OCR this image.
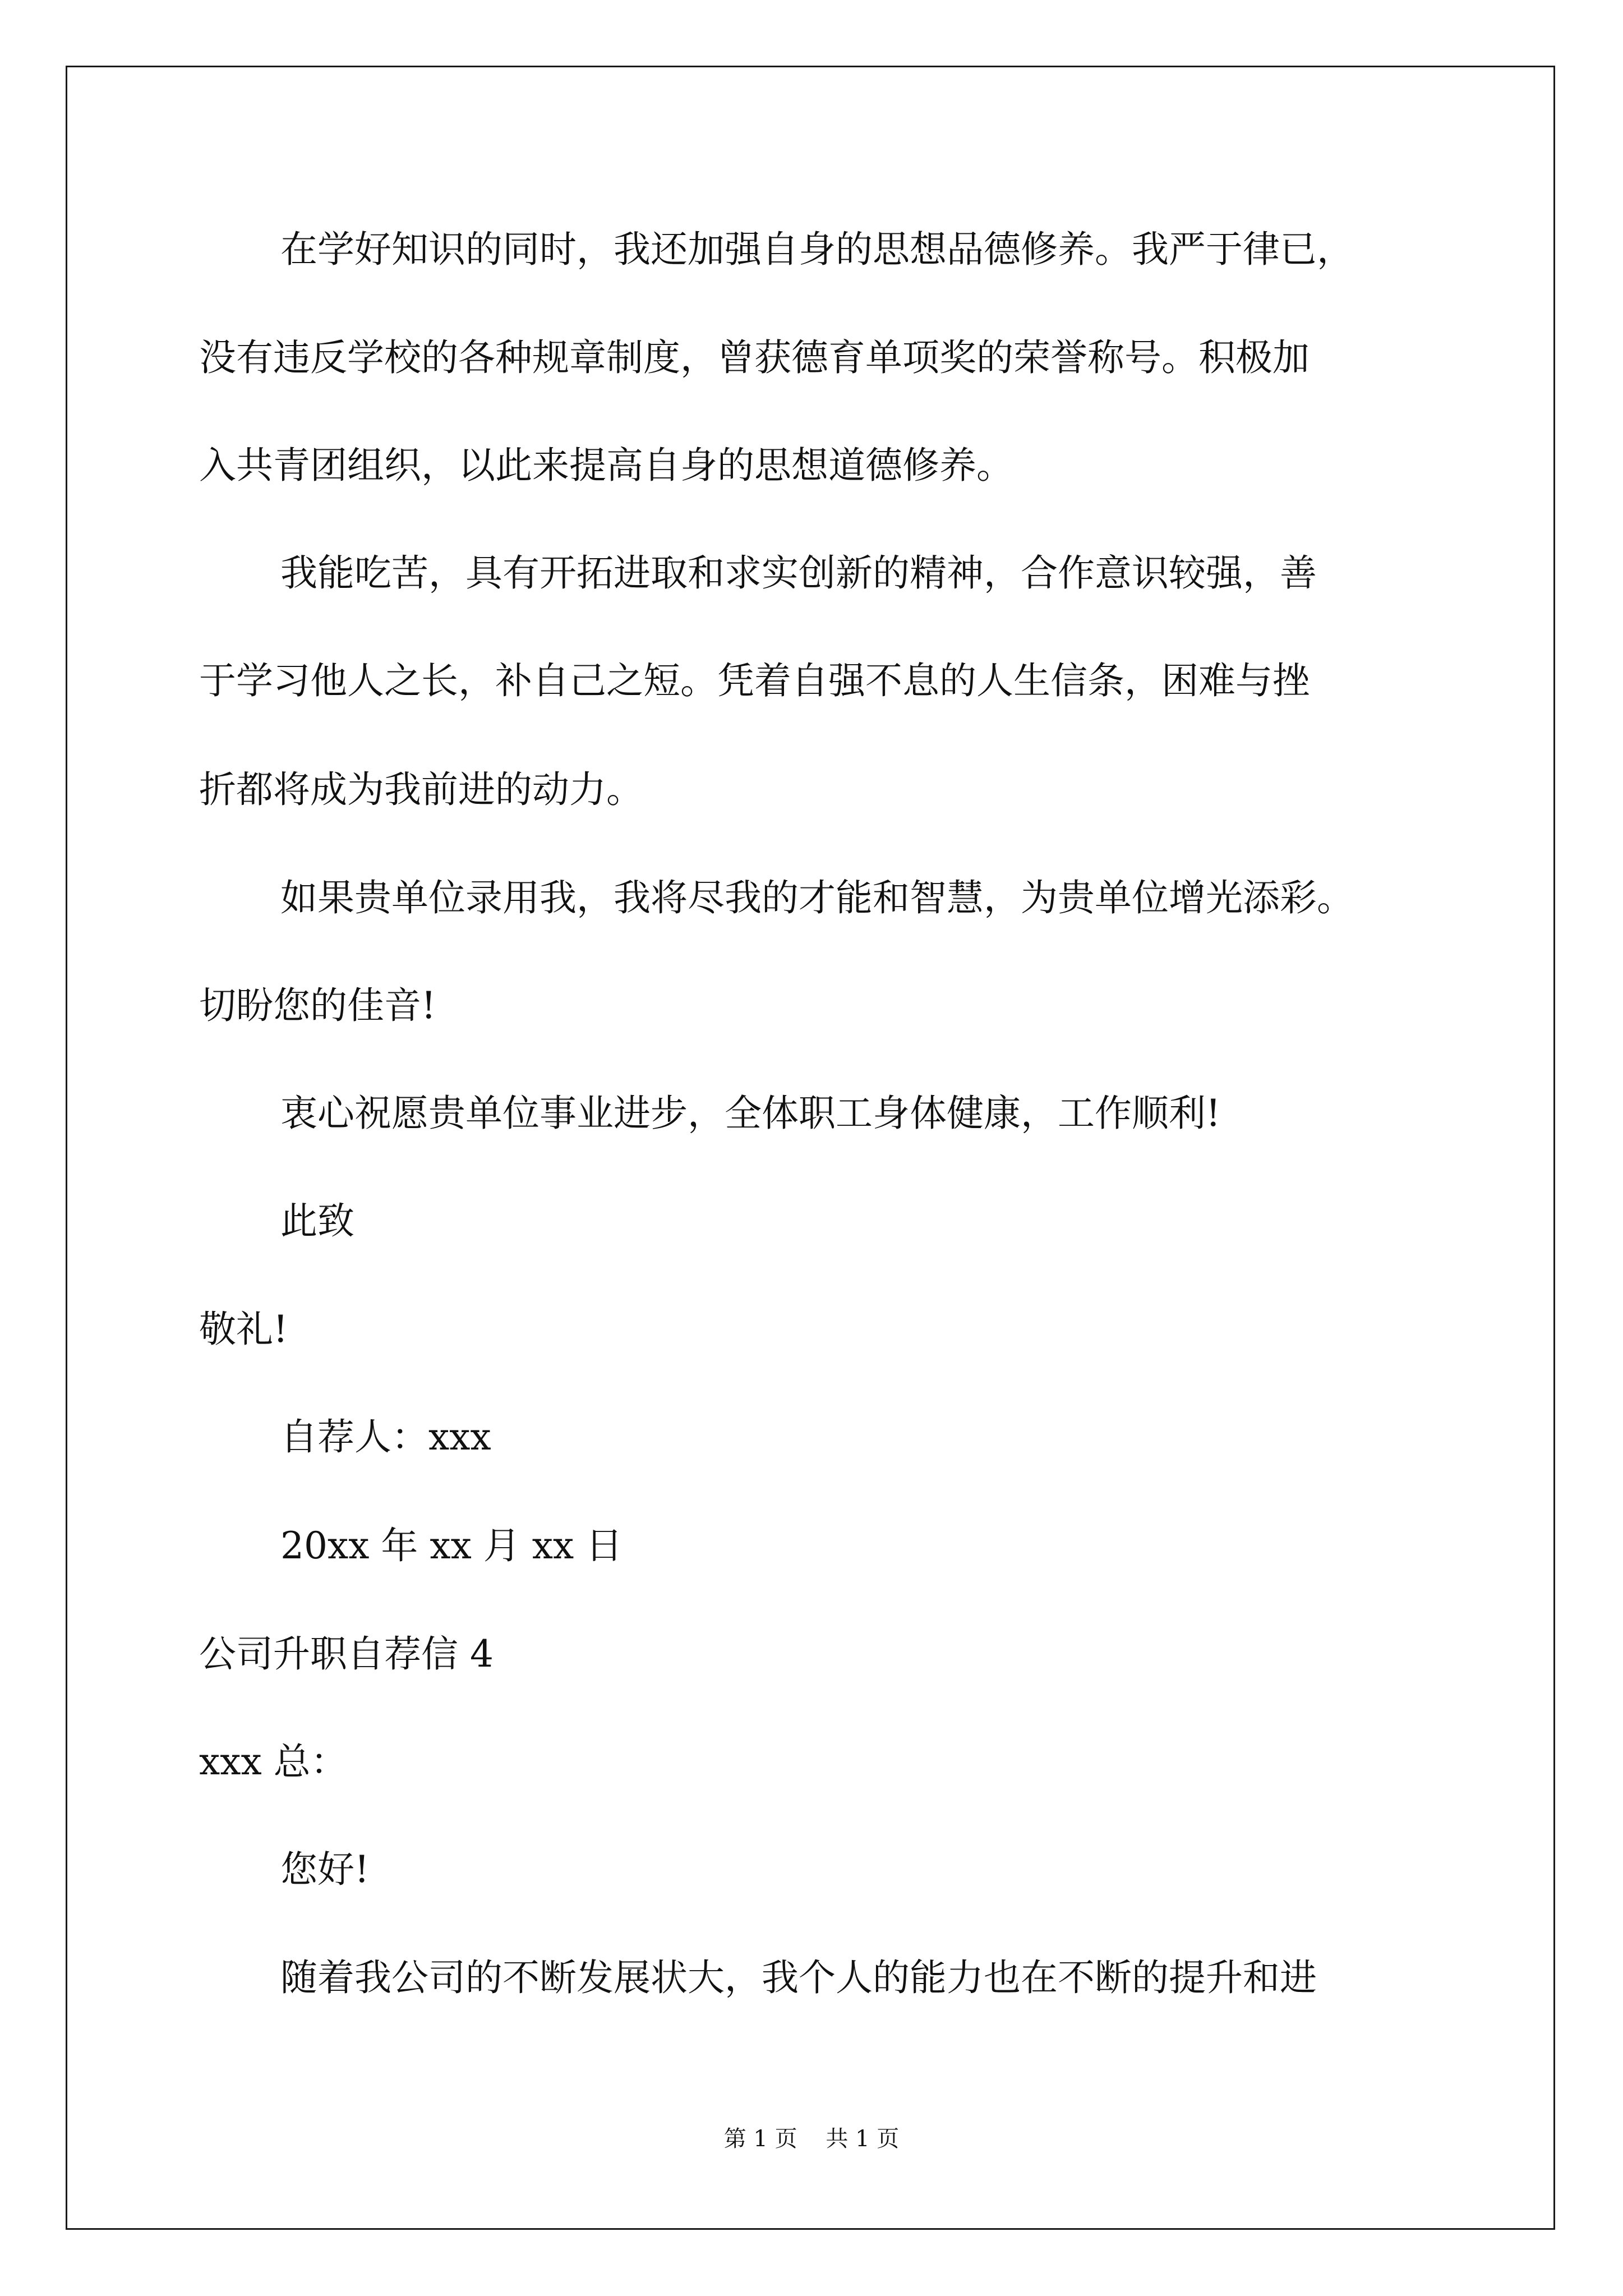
在学好知识的同时，我还加强自身的思想品德修养。我严于律已，
没有违反学校的各种规章制度，曾获德育单项奖的荣誉称号。积极加
入共青团组织，以此来提高自身的思想道德修养。
我能吃苦，具有开拓进取和求实创新的精神，合作意识较强，善
于学习他人之长，补自己之短。凭着自强不息的人生信条，困难与挫
折都将成为我前进的动力。
如果贵单位录用我，我将尽我的才能和智慧，为贵单位增光添彩。
切盼您的佳音!
衷心祝愿贵单位事业进步，全体职工身体健康，工作顺利!
此致
敬礼!
自荐人：xxx
20xx 年 xx 月 xx 日
公司升职自荐信 4
xxx 总：
您好!
随着我公司的不断发展状大，我个人的能力也在不断的提升和进
第 1 页    共 1 页
